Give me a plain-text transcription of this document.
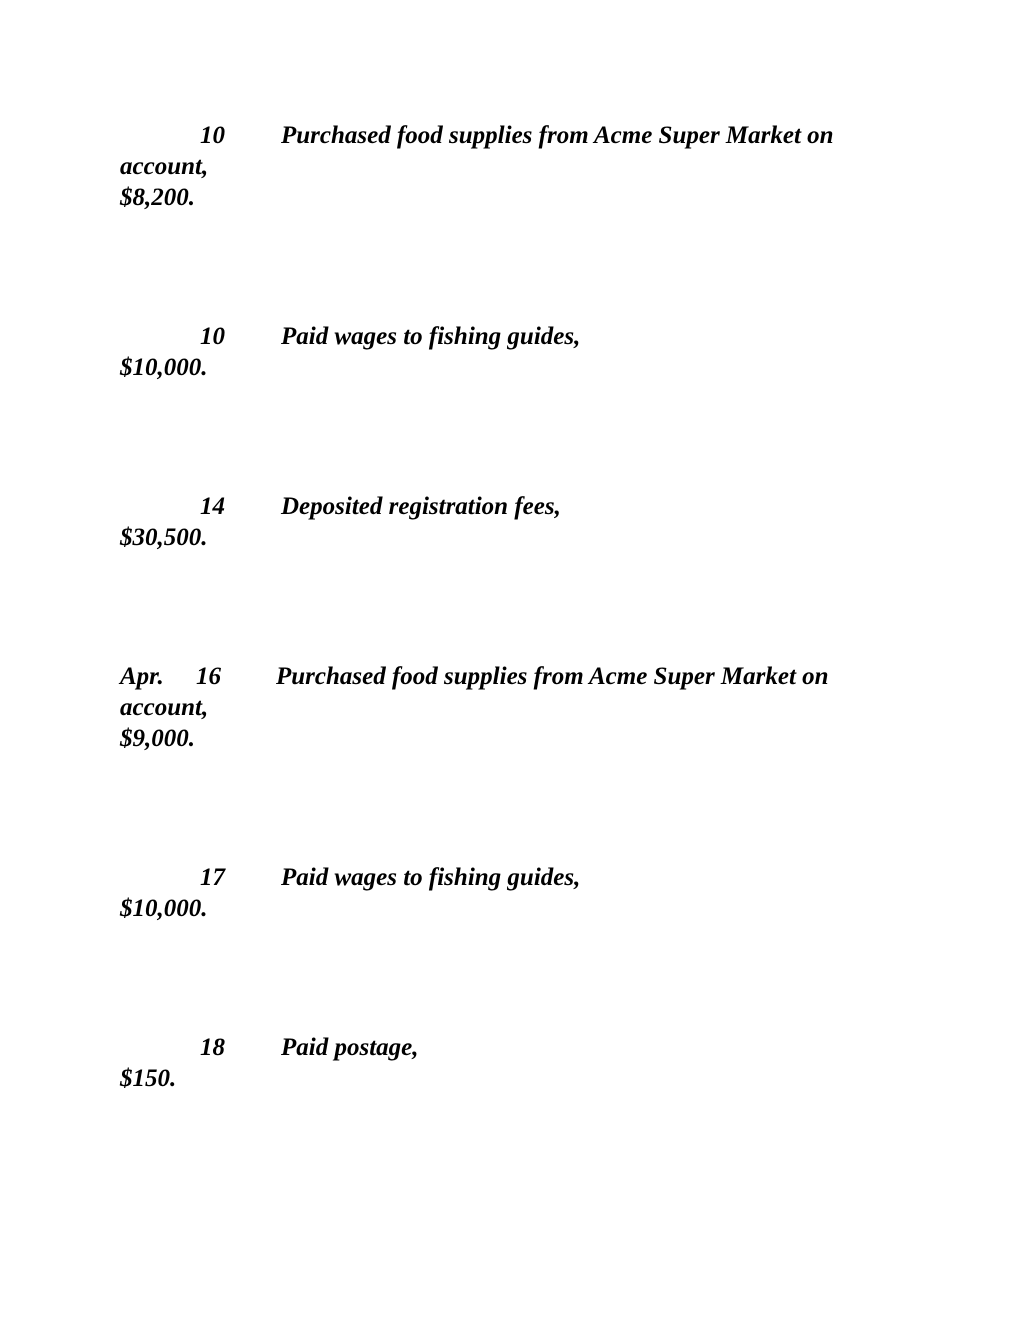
10 Purchased food supplies from Acme Super Market on
account,
$8,200.
10 Paid wages to fishing guides,
$10,000.
14 Deposited registration fees,
$30,500.
Apr. 16 Purchased food supplies from Acme Super Market on
account,
$9,000.
17 Paid wages to fishing guides,
$10,000.
18 Paid postage,
$150.
